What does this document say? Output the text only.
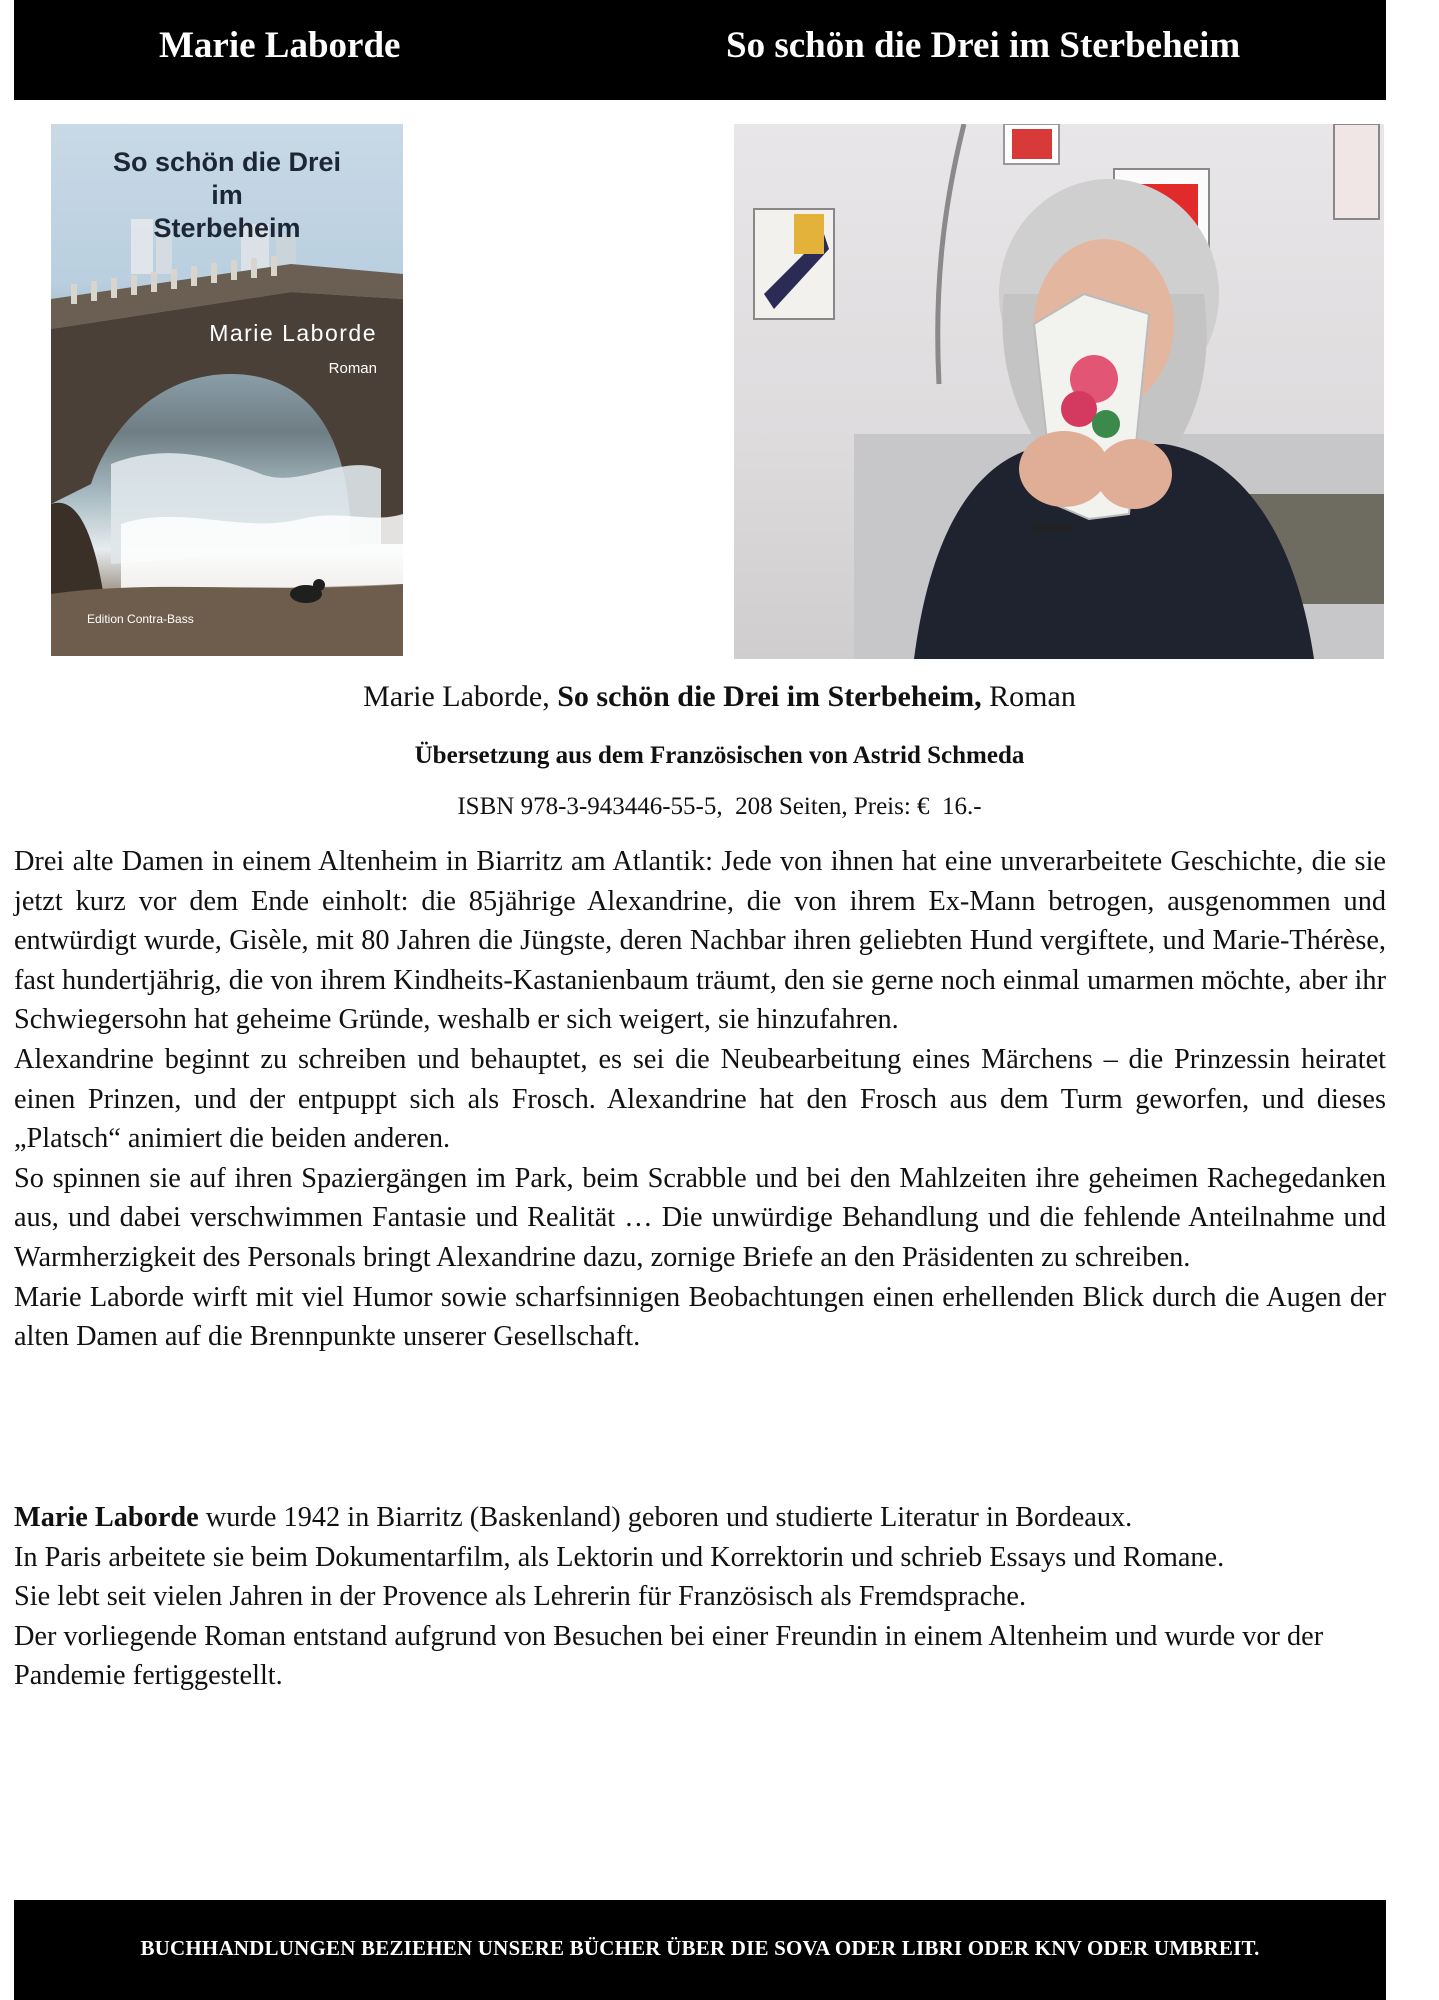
Marie Laborde	So schön die Drei im Sterbeheim
So schön die Drei
im
Sterbeheim
Marie Laborde
Roman
Edition Contra-Bass
Marie Laborde, So schön die Drei im Sterbeheim, Roman
Übersetzung aus dem Französischen von Astrid Schmeda
ISBN 978-3-943446-55-5,  208 Seiten, Preis: €  16.-

Drei alte Damen in einem Altenheim in Biarritz am Atlantik: Jede von ihnen hat eine unverarbeitete Geschichte, die sie jetzt kurz vor dem Ende einholt: die 85jährige Alexandrine, die von ihrem Ex-Mann betrogen, ausgenommen und entwürdigt wurde, Gisèle, mit 80 Jahren die Jüngste, deren Nachbar ihren geliebten Hund vergiftete, und Marie-Thérèse, fast hundertjährig, die von ihrem Kindheits-Kastanienbaum träumt, den sie gerne noch einmal umarmen möchte, aber ihr Schwiegersohn hat geheime Gründe, weshalb er sich weigert, sie hinzufahren.

Alexandrine beginnt zu schreiben und behauptet, es sei die Neubearbeitung eines Märchens – die Prinzessin heiratet einen Prinzen, und der entpuppt sich als Frosch. Alexandrine hat den Frosch aus dem Turm geworfen, und dieses „Platsch“ animiert die beiden anderen.

So spinnen sie auf ihren Spaziergängen im Park, beim Scrabble und bei den Mahlzeiten ihre geheimen Rachegedanken aus, und dabei verschwimmen Fantasie und Realität … Die unwürdige Behandlung und die fehlende Anteilnahme und Warmherzigkeit des Personals bringt Alexandrine dazu, zornige Briefe an den Präsidenten zu schreiben.

Marie Laborde wirft mit viel Humor sowie scharfsinnigen Beobachtungen einen erhellenden Blick durch die Augen der alten Damen auf die Brennpunkte unserer Gesellschaft.

Marie Laborde wurde 1942 in Biarritz (Baskenland) geboren und studierte Literatur in Bordeaux.

In Paris arbeitete sie beim Dokumentarfilm, als Lektorin und Korrektorin und schrieb Essays und Romane.

Sie lebt seit vielen Jahren in der Provence als Lehrerin für Französisch als Fremdsprache.

Der vorliegende Roman entstand aufgrund von Besuchen bei einer Freundin in einem Altenheim und wurde vor der Pandemie fertiggestellt.

BUCHHANDLUNGEN BEZIEHEN UNSERE BÜCHER ÜBER DIE SOVA ODER LIBRI ODER KNV ODER UMBREIT.
